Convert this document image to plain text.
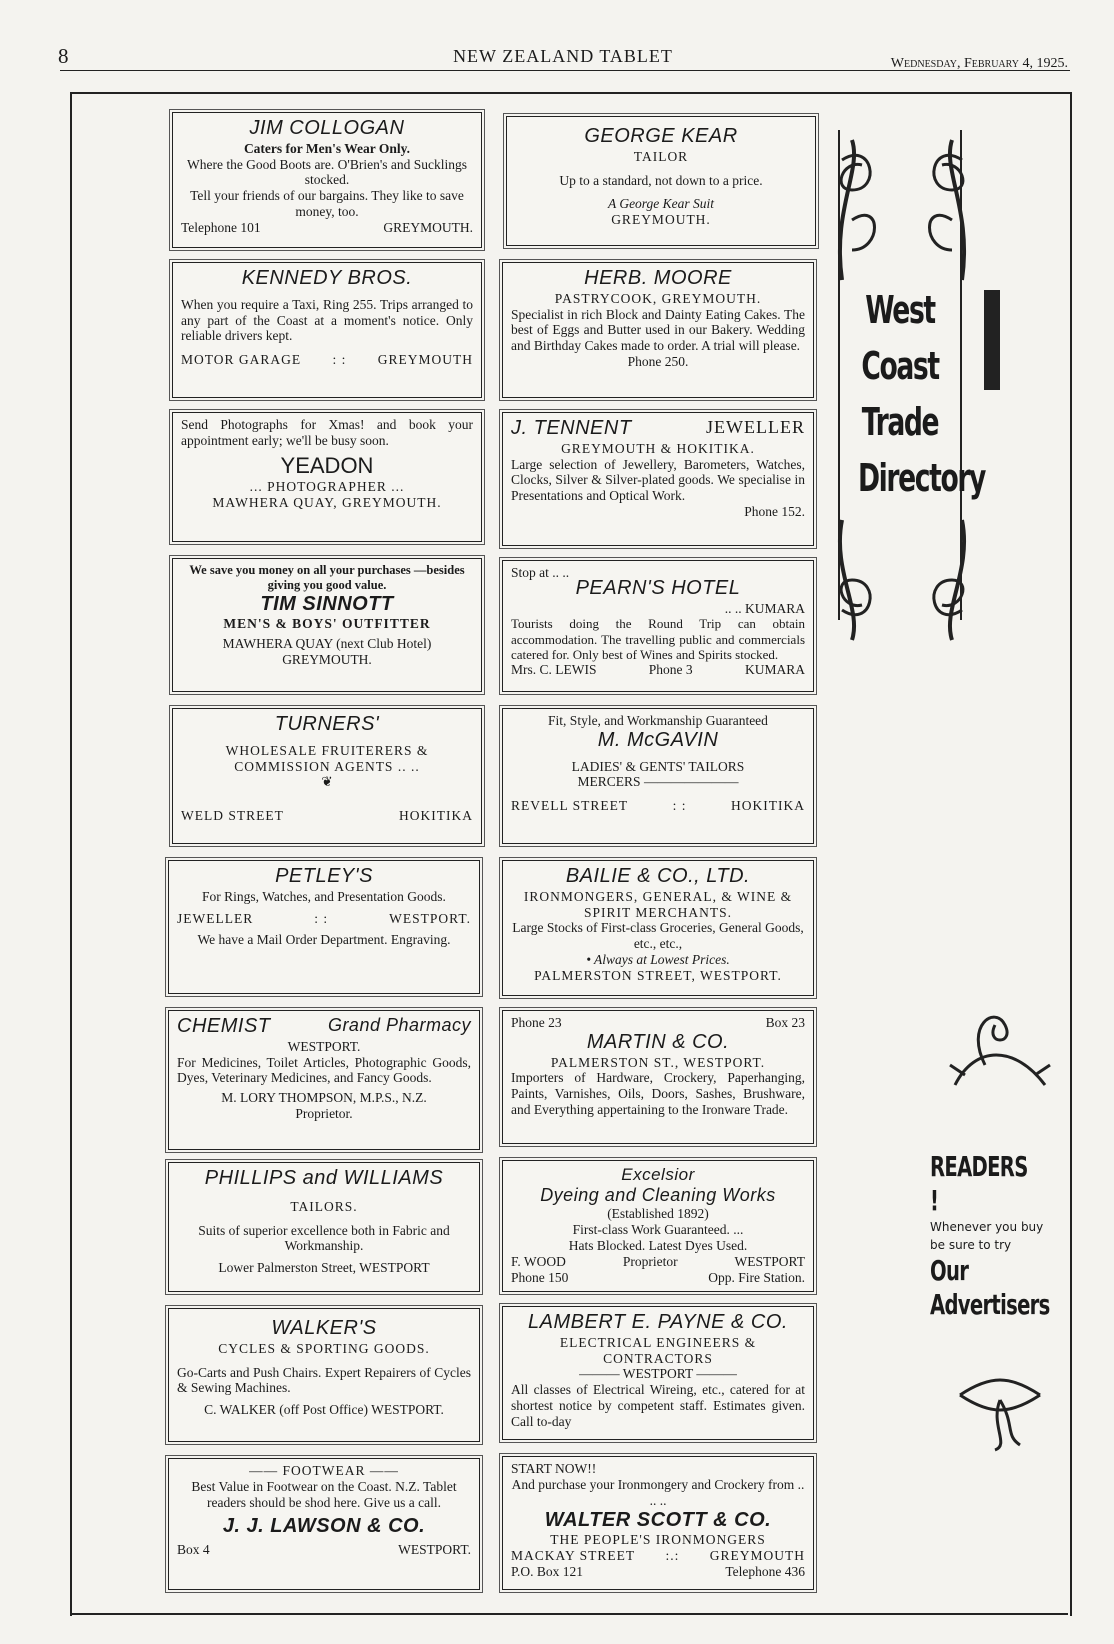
8	NEW ZEALAND TABLET	Wednesday, February 4, 1925.
JIM COLLOGAN
Caters for Men's Wear Only.
Where the Good Boots are. O'Brien's and Sucklings stocked.
Tell your friends of our bargains. They like to save money, too.
Telephone 101	GREYMOUTH.
KENNEDY BROS.
When you require a Taxi, Ring 255. Trips arranged to any part of the Coast at a moment's notice. Only reliable drivers kept.
MOTOR GARAGE : : GREYMOUTH
Send Photographs for Xmas! and book your appointment early; we'll be busy soon.
YEADON
... PHOTOGRAPHER ...
MAWHERA QUAY, GREYMOUTH.
We save you money on all your purchases —besides giving you good value.
TIM SINNOTT
MEN'S & BOYS' OUTFITTER
MAWHERA QUAY (next Club Hotel)
GREYMOUTH.
TURNERS'
WHOLESALE FRUITERERS &
COMMISSION AGENTS .. ..
❦
WELD STREET	HOKITIKA
PETLEY'S
For Rings, Watches, and Presentation Goods.
JEWELLER	: :	WESTPORT.
We have a Mail Order Department. Engraving.
CHEMIST	Grand Pharmacy
WESTPORT.
For Medicines, Toilet Articles, Photographic Goods, Dyes, Veterinary Medicines, and Fancy Goods.
M. LORY THOMPSON, M.P.S., N.Z.
Proprietor.
PHILLIPS and WILLIAMS
TAILORS.
Suits of superior excellence both in Fabric and Workmanship.
Lower Palmerston Street, WESTPORT
WALKER'S
CYCLES & SPORTING GOODS.
Go-Carts and Push Chairs. Expert Repairers of Cycles & Sewing Machines.
C. WALKER (off Post Office) WESTPORT.
—— FOOTWEAR ——
Best Value in Footwear on the Coast. N.Z. Tablet readers should be shod here. Give us a call.
J. J. LAWSON & CO.
Box 4	WESTPORT.
GEORGE KEAR
TAILOR
Up to a standard, not down to a price.
A George Kear Suit
GREYMOUTH.
HERB. MOORE
PASTRYCOOK, GREYMOUTH.
Specialist in rich Block and Dainty Eating Cakes. The best of Eggs and Butter used in our Bakery. Wedding and Birthday Cakes made to order. A trial will please.
Phone 250.
J. TENNENT	JEWELLER
GREYMOUTH & HOKITIKA.
Large selection of Jewellery, Barometers, Watches, Clocks, Silver & Silver-plated goods. We specialise in Presentations and Optical Work.
Phone 152.
Stop at .. ..
PEARN'S HOTEL
.. .. KUMARA
Tourists doing the Round Trip can obtain accommodation. The travelling public and commercials catered for. Only best of Wines and Spirits stocked.
Mrs. C. LEWIS	Phone 3	KUMARA
Fit, Style, and Workmanship Guaranteed
M. McGAVIN
LADIES' & GENTS' TAILORS
MERCERS ———————
REVELL STREET	: :	HOKITIKA
BAILIE & CO., LTD.
IRONMONGERS, GENERAL, & WINE & SPIRIT MERCHANTS.
Large Stocks of First-class Groceries, General Goods, etc., etc.,
• Always at Lowest Prices.
PALMERSTON STREET, WESTPORT.
Phone 23	Box 23
MARTIN & CO.
PALMERSTON ST., WESTPORT.
Importers of Hardware, Crockery, Paperhanging, Paints, Varnishes, Oils, Doors, Sashes, Brushware, and Everything appertaining to the Ironware Trade.
Excelsior
Dyeing and Cleaning Works
(Established 1892)
First-class Work Guaranteed. ...
Hats Blocked. Latest Dyes Used.
F. WOOD	Proprietor	WESTPORT
Phone 150	Opp. Fire Station.
LAMBERT E. PAYNE & CO.
ELECTRICAL ENGINEERS &
CONTRACTORS
——— WESTPORT ———
All classes of Electrical Wireing, etc., catered for at shortest notice by competent staff. Estimates given. Call to-day
START NOW!!
And purchase your Ironmongery and Crockery from .. .. ..
WALTER SCOTT & CO.
THE PEOPLE'S IRONMONGERS
MACKAY STREET :.: GREYMOUTH
P.O. Box 121	Telephone 436
West
Coast
Trade
Directory
READERS !
Whenever you buy
be sure to try
Our
Advertisers
